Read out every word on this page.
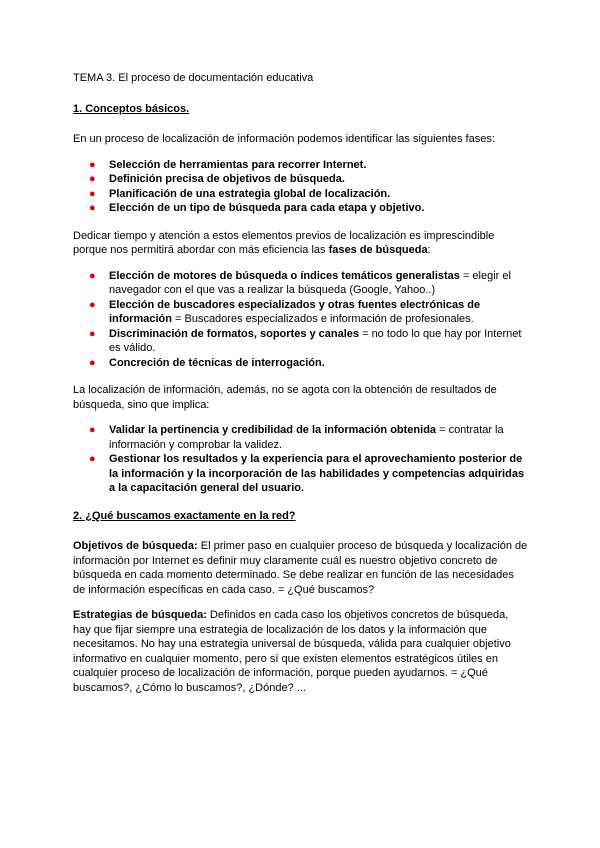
TEMA 3. El proceso de documentación educativa

1. Conceptos básicos.

En un proceso de localización de información podemos identificar las siguientes fases:

● Selección de herramientas para recorrer Internet.
● Definición precisa de objetivos de búsqueda.
● Planificación de una estrategia global de localización.
● Elección de un tipo de búsqueda para cada etapa y objetivo.

Dedicar tiempo y atención a estos elementos previos de localización es imprescindible porque nos permitirá abordar con más eficiencia las fases de búsqueda:

● Elección de motores de búsqueda o índices temáticos generalistas = elegir el navegador con el que vas a realizar la búsqueda (Google, Yahoo..)
● Elección de buscadores especializados y otras fuentes electrónicas de información = Buscadores especializados e información de profesionales.
● Discriminación de formatos, soportes y canales = no todo lo que hay por Internet es válido.
● Concreción de técnicas de interrogación.

La localización de información, además, no se agota con la obtención de resultados de búsqueda, sino que implica:

● Validar la pertinencia y credibilidad de la información obtenida = contratar la información y comprobar la validez.
● Gestionar los resultados y la experiencia para el aprovechamiento posterior de la información y la incorporación de las habilidades y competencias adquiridas a la capacitación general del usuario.

2. ¿Qué buscamos exactamente en la red?

Objetivos de búsqueda: El primer paso en cualquier proceso de búsqueda y localización de información por Internet es definir muy claramente cuál es nuestro objetivo concreto de búsqueda en cada momento determinado. Se debe realizar en función de las necesidades de información específicas en cada caso. = ¿Qué buscamos?

Estrategias de búsqueda: Definidos en cada caso los objetivos concretos de búsqueda, hay que fijar siempre una estrategia de localización de los datos y la información que necesitamos. No hay una estrategia universal de búsqueda, válida para cualquier objetivo informativo en cualquier momento, pero sí que existen elementos estratégicos útiles en cualquier proceso de localización de información, porque pueden ayudarnos. = ¿Qué buscamos?, ¿Cómo lo buscamos?, ¿Dónde? ...
